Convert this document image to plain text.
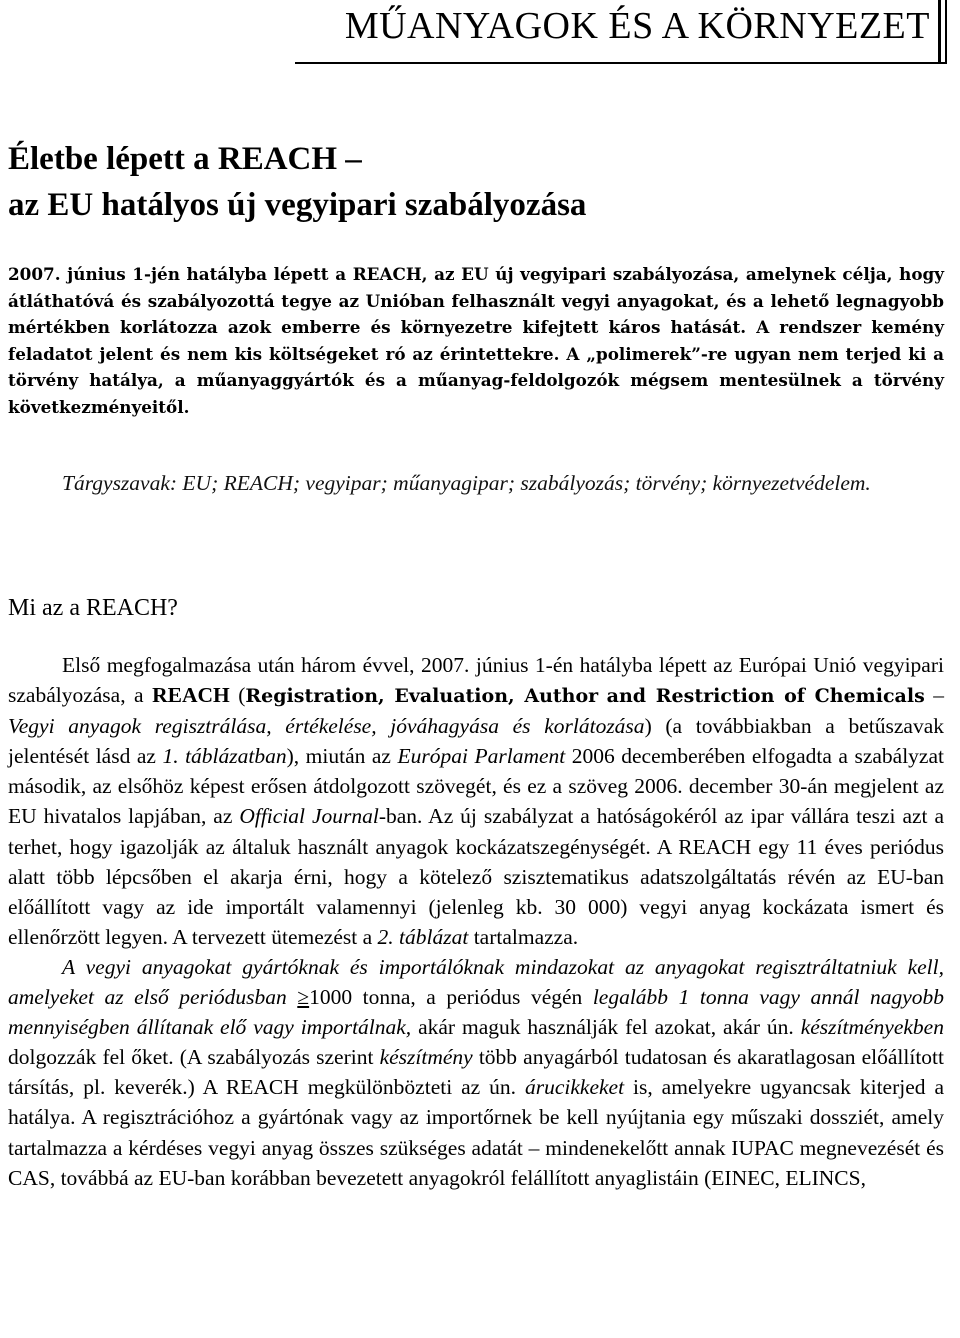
MŰANYAGOK ÉS A KÖRNYEZET
Életbe lépett a REACH –
az EU hatályos új vegyipari szabályozása
2007. június 1-jén hatályba lépett a REACH, az EU új vegyipari szabályozása, amelynek célja, hogy átláthatóvá és szabályozottá tegye az Unióban felhasznált vegyi anyagokat, és a lehető legnagyobb mértékben korlátozza azok emberre és környezetre kifejtett káros hatását. A rendszer kemény feladatot jelent és nem kis költségeket ró az érintettekre. A „polimerek”-re ugyan nem terjed ki a törvény hatálya, a műanyaggyártók és a műanyag-feldolgozók mégsem mentesülnek a törvény következményeitől.
Tárgyszavak: EU; REACH; vegyipar; műanyagipar; szabályozás; törvény; környezetvédelem.
Mi az a REACH?

Első megfogalmazása után három évvel, 2007. június 1-én hatályba lépett az Európai Unió vegyipari szabályozása, a REACH (Registration, Evaluation, Author and Restriction of Chemicals – Vegyi anyagok regisztrálása, értékelése, jóváhagyása és korlátozása) (a továbbiakban a betűszavak jelentését lásd az 1. táblázatban), miután az Európai Parlament 2006 decemberében elfogadta a szabályzat második, az elsőhöz képest erősen átdolgozott szövegét, és ez a szöveg 2006. december 30-án megjelent az EU hivatalos lapjában, az Official Journal-ban. Az új szabályzat a hatóságokéról az ipar vállára teszi azt a terhet, hogy igazolják az általuk használt anyagok kockázatszegénységét. A REACH egy 11 éves periódus alatt több lépcsőben el akarja érni, hogy a kötelező szisztematikus adatszolgáltatás révén az EU-ban előállított vagy az ide importált valamennyi (jelenleg kb. 30 000) vegyi anyag kockázata ismert és ellenőrzött legyen. A tervezett ütemezést a 2. táblázat tartalmazza.

A vegyi anyagokat gyártóknak és importálóknak mindazokat az anyagokat regisztráltatniuk kell, amelyeket az első periódusban ≥1000 tonna, a periódus végén legalább 1 tonna vagy annál nagyobb mennyiségben állítanak elő vagy importálnak, akár maguk használják fel azokat, akár ún. készítményekben dolgozzák fel őket. (A szabályozás szerint készítmény több anyagárból tudatosan és akaratlagosan előállított társítás, pl. keverék.) A REACH megkülönbözteti az ún. árucikkeket is, amelyekre ugyancsak kiterjed a hatálya. A regisztrációhoz a gyártónak vagy az importőrnek be kell nyújtania egy műszaki dossziét, amely tartalmazza a kérdéses vegyi anyag összes szükséges adatát – mindenekelőtt annak IUPAC megnevezését és CAS, továbbá az EU-ban korábban bevezetett anyagokról felállított anyaglistáin (EINEC, ELINCS,
